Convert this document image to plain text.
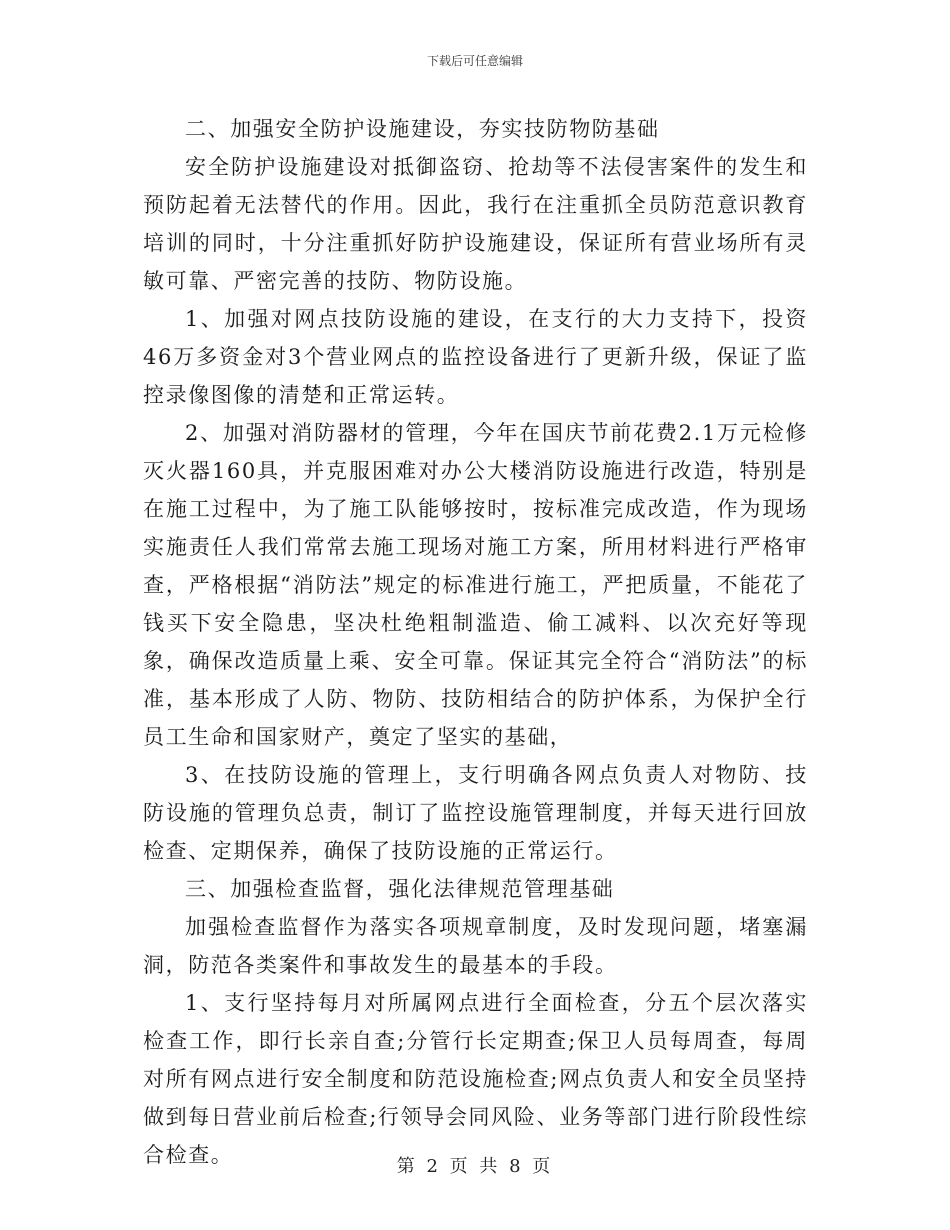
下载后可任意编辑

二、加强安全防护设施建设，夯实技防物防基础

安全防护设施建设对抵御盗窃、抢劫等不法侵害案件的发生和预防起着无法替代的作用。因此，我行在注重抓全员防范意识教育培训的同时，十分注重抓好防护设施建设，保证所有营业场所有灵敏可靠、严密完善的技防、物防设施。

1、加强对网点技防设施的建设，在支行的大力支持下，投资46万多资金对3个营业网点的监控设备进行了更新升级，保证了监控录像图像的清楚和正常运转。

2、加强对消防器材的管理，今年在国庆节前花费2.1万元检修灭火器160具，并克服困难对办公大楼消防设施进行改造，特别是在施工过程中，为了施工队能够按时，按标准完成改造，作为现场实施责任人我们常常去施工现场对施工方案，所用材料进行严格审查，严格根据“消防法”规定的标准进行施工，严把质量，不能花了钱买下安全隐患，坚决杜绝粗制滥造、偷工减料、以次充好等现象，确保改造质量上乘、安全可靠。保证其完全符合“消防法”的标准，基本形成了人防、物防、技防相结合的防护体系，为保护全行员工生命和国家财产，奠定了坚实的基础，

3、在技防设施的管理上，支行明确各网点负责人对物防、技防设施的管理负总责，制订了监控设施管理制度，并每天进行回放检查、定期保养，确保了技防设施的正常运行。

三、加强检查监督，强化法律规范管理基础

加强检查监督作为落实各项规章制度，及时发现问题，堵塞漏洞，防范各类案件和事故发生的最基本的手段。

1、支行坚持每月对所属网点进行全面检查，分五个层次落实检查工作，即行长亲自查;分管行长定期查;保卫人员每周查，每周对所有网点进行安全制度和防范设施检查;网点负责人和安全员坚持做到每日营业前后检查;行领导会同风险、业务等部门进行阶段性综合检查。	第 2 页 共 8 页
